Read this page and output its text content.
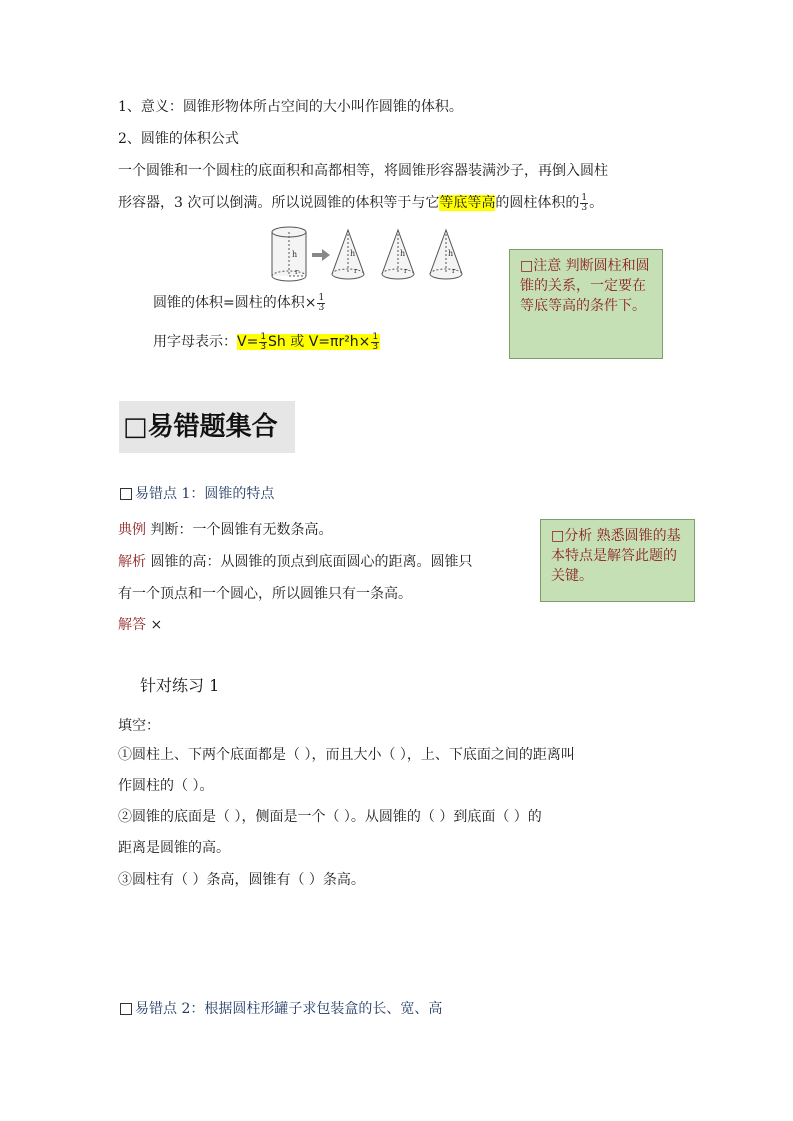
1、意义：圆锥形物体所占空间的大小叫作圆锥的体积。
2、圆锥的体积公式
一个圆锥和一个圆柱的底面积和高都相等，将圆锥形容器装满沙子，再倒入圆柱
形容器，3 次可以倒满。所以说圆锥的体积等于与它等底等高的圆柱体积的 $\frac{1}{3}$ 。
h
r
h
r
h
r
h
r
圆锥的体积=圆柱的体积× $\frac{1}{3}$
用字母表示：$V= \frac{1}{3}$ Sh 或 $V=\pi r^2h\times \frac{1}{3}$
□注意 判断圆柱和圆锥的关系，一定要在等底等高的条件下。
□易错题集合
易错点 1：圆锥的特点
典例 判断：一个圆锥有无数条高。
解析 圆锥的高：从圆锥的顶点到底面圆心的距离。圆锥只
有一个顶点和一个圆心，所以圆锥只有一条高。
解答 ×
□分析 熟悉圆锥的基本特点是解答此题的关键。
针对练习 1
填空：
①圆柱上、下两个底面都是（ ），而且大小（ ），上、下底面之间的距离叫
作圆柱的（ ）。
②圆锥的底面是（ ），侧面是一个（ ）。从圆锥的（ ）到底面（ ）的
距离是圆锥的高。
③圆柱有（ ）条高，圆锥有（ ）条高。
易错点 2：根据圆柱形罐子求包装盒的长、宽、高
